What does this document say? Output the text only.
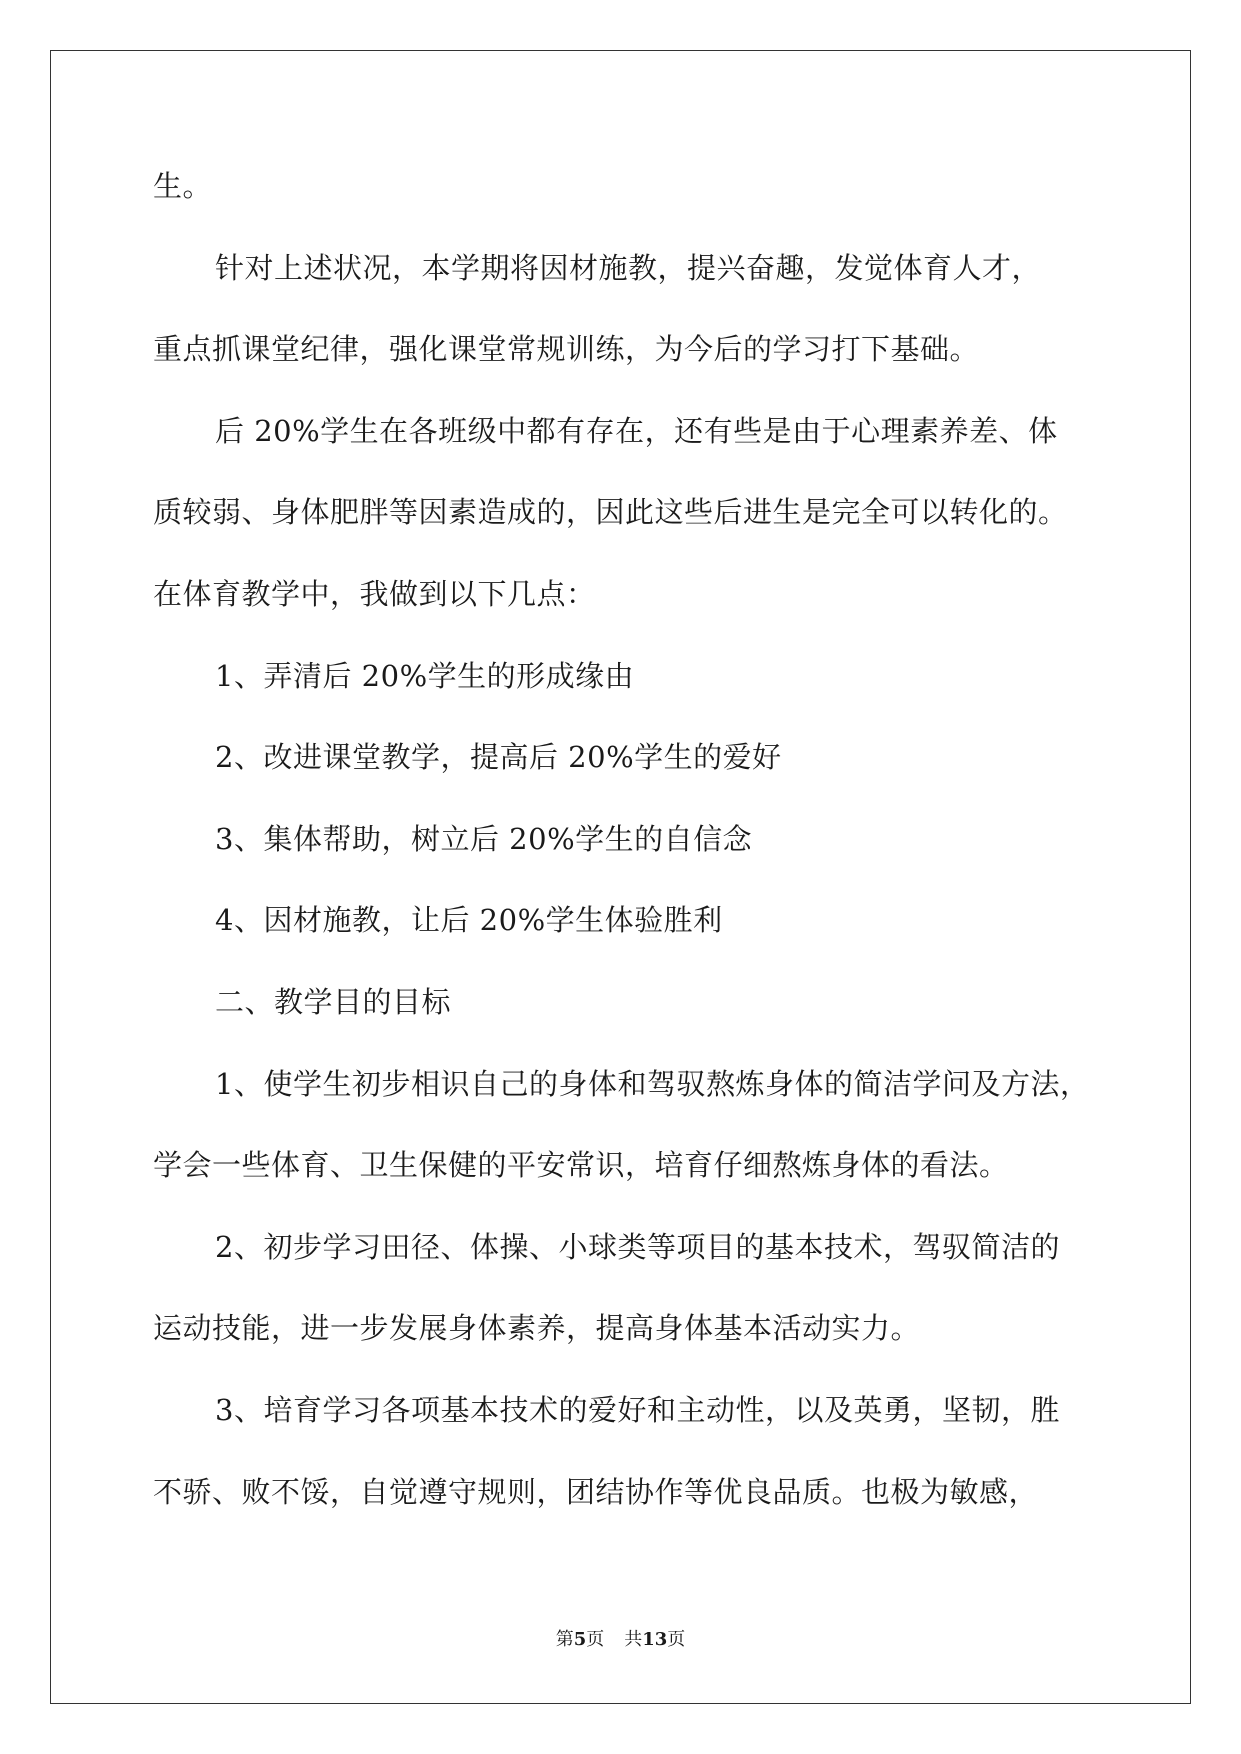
生。
针对上述状况，本学期将因材施教，提兴奋趣，发觉体育人才，
重点抓课堂纪律，强化课堂常规训练，为今后的学习打下基础。
后 20%学生在各班级中都有存在，还有些是由于心理素养差、体
质较弱、身体肥胖等因素造成的，因此这些后进生是完全可以转化的。
在体育教学中，我做到以下几点：
1、弄清后 20%学生的形成缘由
2、改进课堂教学，提高后 20%学生的爱好
3、集体帮助，树立后 20%学生的自信念
4、因材施教，让后 20%学生体验胜利
二、教学目的目标
1、使学生初步相识自己的身体和驾驭熬炼身体的简洁学问及方法，
学会一些体育、卫生保健的平安常识，培育仔细熬炼身体的看法。
2、初步学习田径、体操、小球类等项目的基本技术，驾驭简洁的
运动技能，进一步发展身体素养，提高身体基本活动实力。
3、培育学习各项基本技术的爱好和主动性，以及英勇，坚韧，胜
不骄、败不馁，自觉遵守规则，团结协作等优良品质。也极为敏感，
第5页 共13页
